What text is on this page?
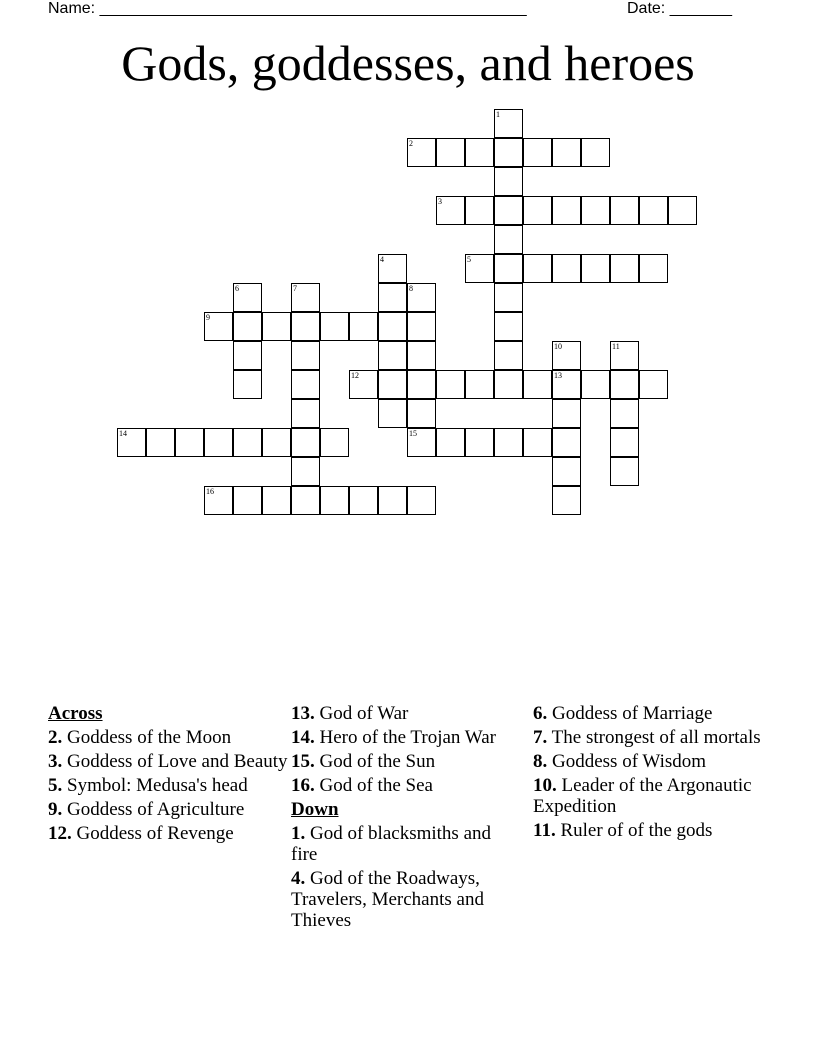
Name: ________________________________________________	Date: _______
Gods, goddesses, and heroes
1
2
3
4	5
6	7	8
15
9
10
13
11
12
14
16
Across
2. Goddess of the Moon
3. Goddess of Love and Beauty
5. Symbol: Medusa's head
9. Goddess of Agriculture
12. Goddess of Revenge
13. God of War
14. Hero of the Trojan War
15. God of the Sun
16. God of the Sea
Down
1. God of blacksmiths and fire
4. God of the Roadways, Travelers, Merchants and Thieves
6. Goddess of Marriage
7. The strongest of all mortals
8. Goddess of Wisdom
10. Leader of the Argonautic Expedition
11. Ruler of of the gods
